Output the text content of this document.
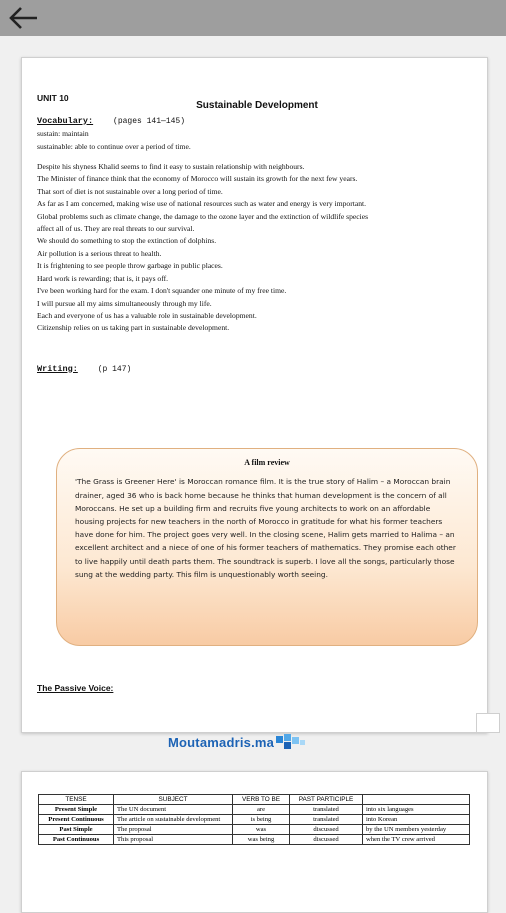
UNIT 10
Sustainable Development
Vocabulary: (pages 141—145)
sustain: maintain
sustainable: able to continue over a period of time.
Despite his shyness Khalid seems to find it easy to sustain relationship with neighbours.
The Minister of finance think that the economy of Morocco will sustain its growth for the next few years.
That sort of diet is not sustainable over a long period of time.
As far as I am concerned, making wise use of national resources such as water and energy is very important.
Global problems such as climate change, the damage to the ozone layer and the extinction of wildlife species
affect all of us. They are real threats to our survival.
We should do something to stop the extinction of dolphins.
Air pollution is a serious threat to health.
It is frightening to see people throw garbage in public places.
Hard work is rewarding; that is, it pays off.
I've been working hard for the exam. I don't squander one minute of my free time.
I will pursue all my aims simultaneously through my life.
Each and everyone of us has a valuable role in sustainable development.
Citizenship relies on us taking part in sustainable development.
Writing: (p 147)
A film review
'The Grass is Greener Here' is Moroccan romance film. It is the true story of Halim – a Moroccan brain drainer, aged 36 who is back home because he thinks that human development is the concern of all Moroccans. He set up a building firm and recruits five young architects to work on an affordable housing projects for new teachers in the north of Morocco in gratitude for what his former teachers have done for him. The project goes very well. In the closing scene, Halim gets married to Halima – an excellent architect and a niece of one of his former teachers of mathematics. They promise each other to live happily until death parts them. The soundtrack is superb. I love all the songs, particularly those sung at the wedding party. This film is unquestionably worth seeing.
The Passive Voice:
Moutamadris.ma
TENSE	SUBJECT	VERB TO BE	PAST PARTICIPLE	
Present Simple	The UN document	are	translated	into six languages
Present Continuous	The article on sustainable development	is being	translated	into Korean
Past Simple	The proposal	was	discussed	by the UN members yesterday
Past Continuous	This proposal	was being	discussed	when the TV crew arrived
